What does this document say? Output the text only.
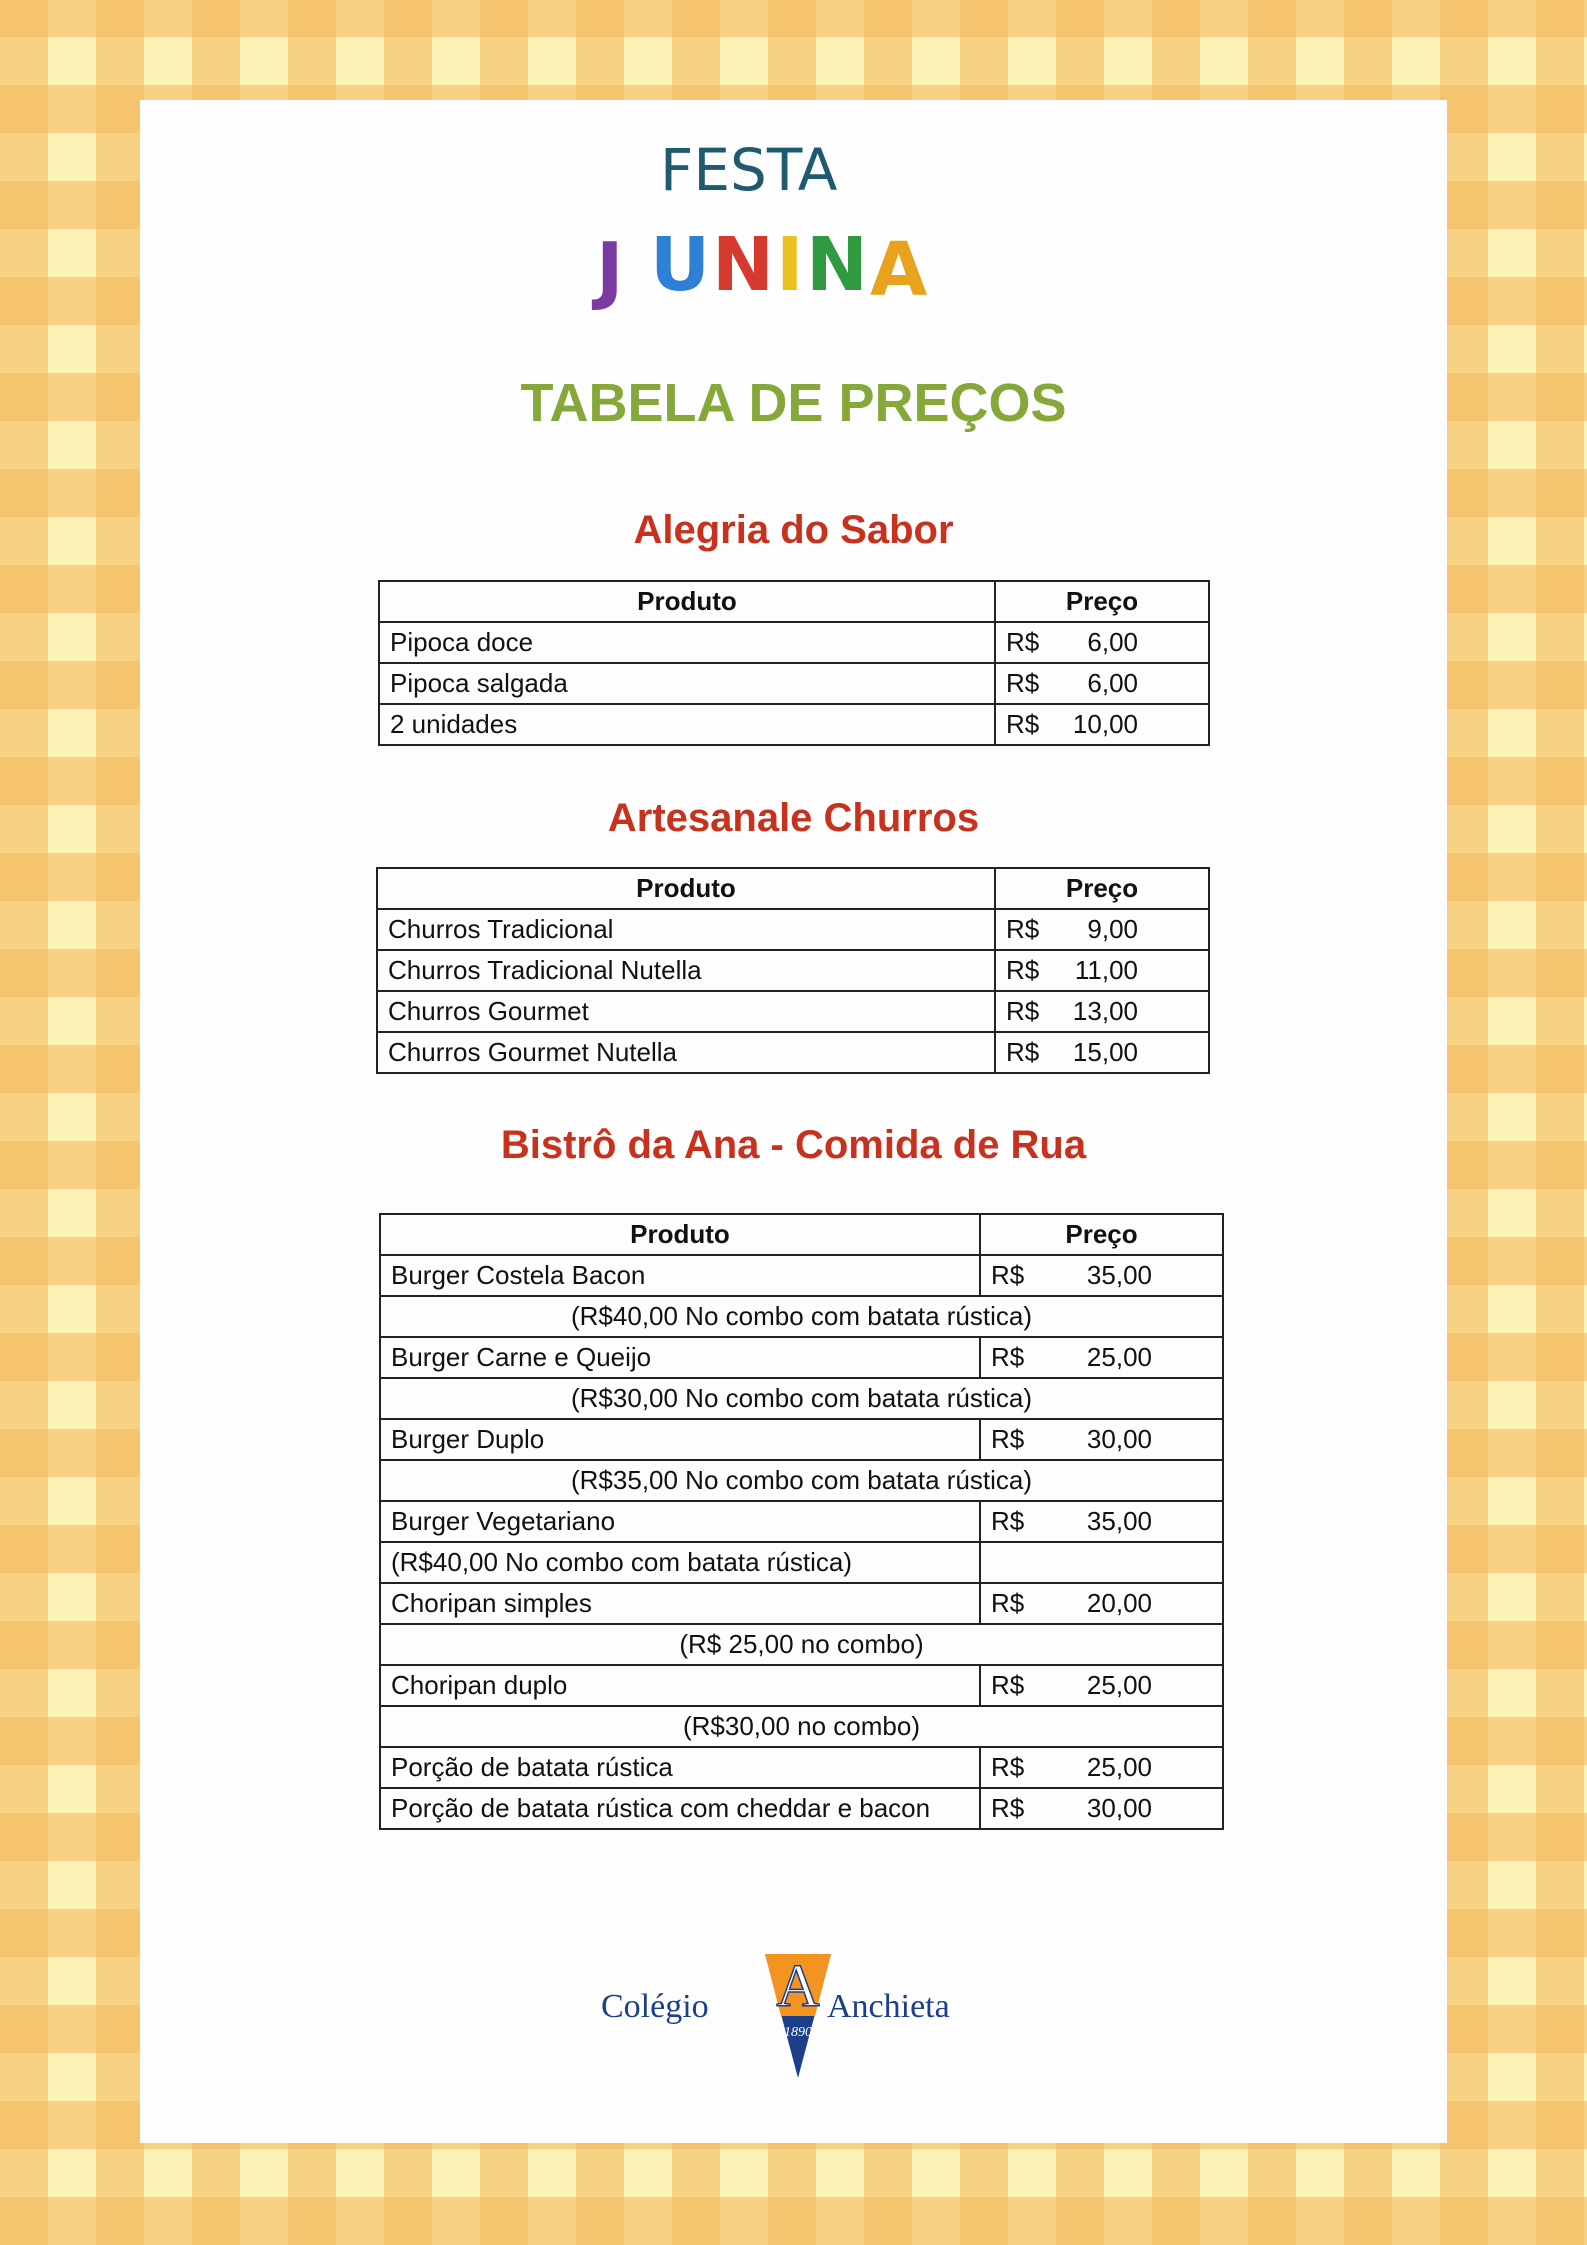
FESTA
J U N I N A
TABELA DE PREÇOS
Alegria do Sabor
Produto	Preço	
Pipoca doce	R$	6,00
Pipoca salgada	R$	6,00
2 unidades	R$	10,00
Artesanale Churros
Produto	Preço	
Churros Tradicional	R$	9,00
Churros Tradicional Nutella	R$	11,00
Churros Gourmet	R$	13,00
Churros Gourmet Nutella	R$	15,00
Bistrô da Ana - Comida de Rua
Produto	Preço	
Burger Costela Bacon	R$	35,00
(R$40,00 No combo com batata rústica)		
Burger Carne e Queijo	R$	25,00
(R$30,00 No combo com batata rústica)		
Burger Duplo	R$	30,00
(R$35,00 No combo com batata rústica)		
Burger Vegetariano	R$	35,00
(R$40,00 No combo com batata rústica)		
Choripan simples	R$	20,00
(R$ 25,00 no combo)		
Choripan duplo	R$	25,00
(R$30,00 no combo)		
Porção de batata rústica	R$	25,00
Porção de batata rústica com cheddar e bacon	R$	30,00
Colégio A
1890
Anchieta
